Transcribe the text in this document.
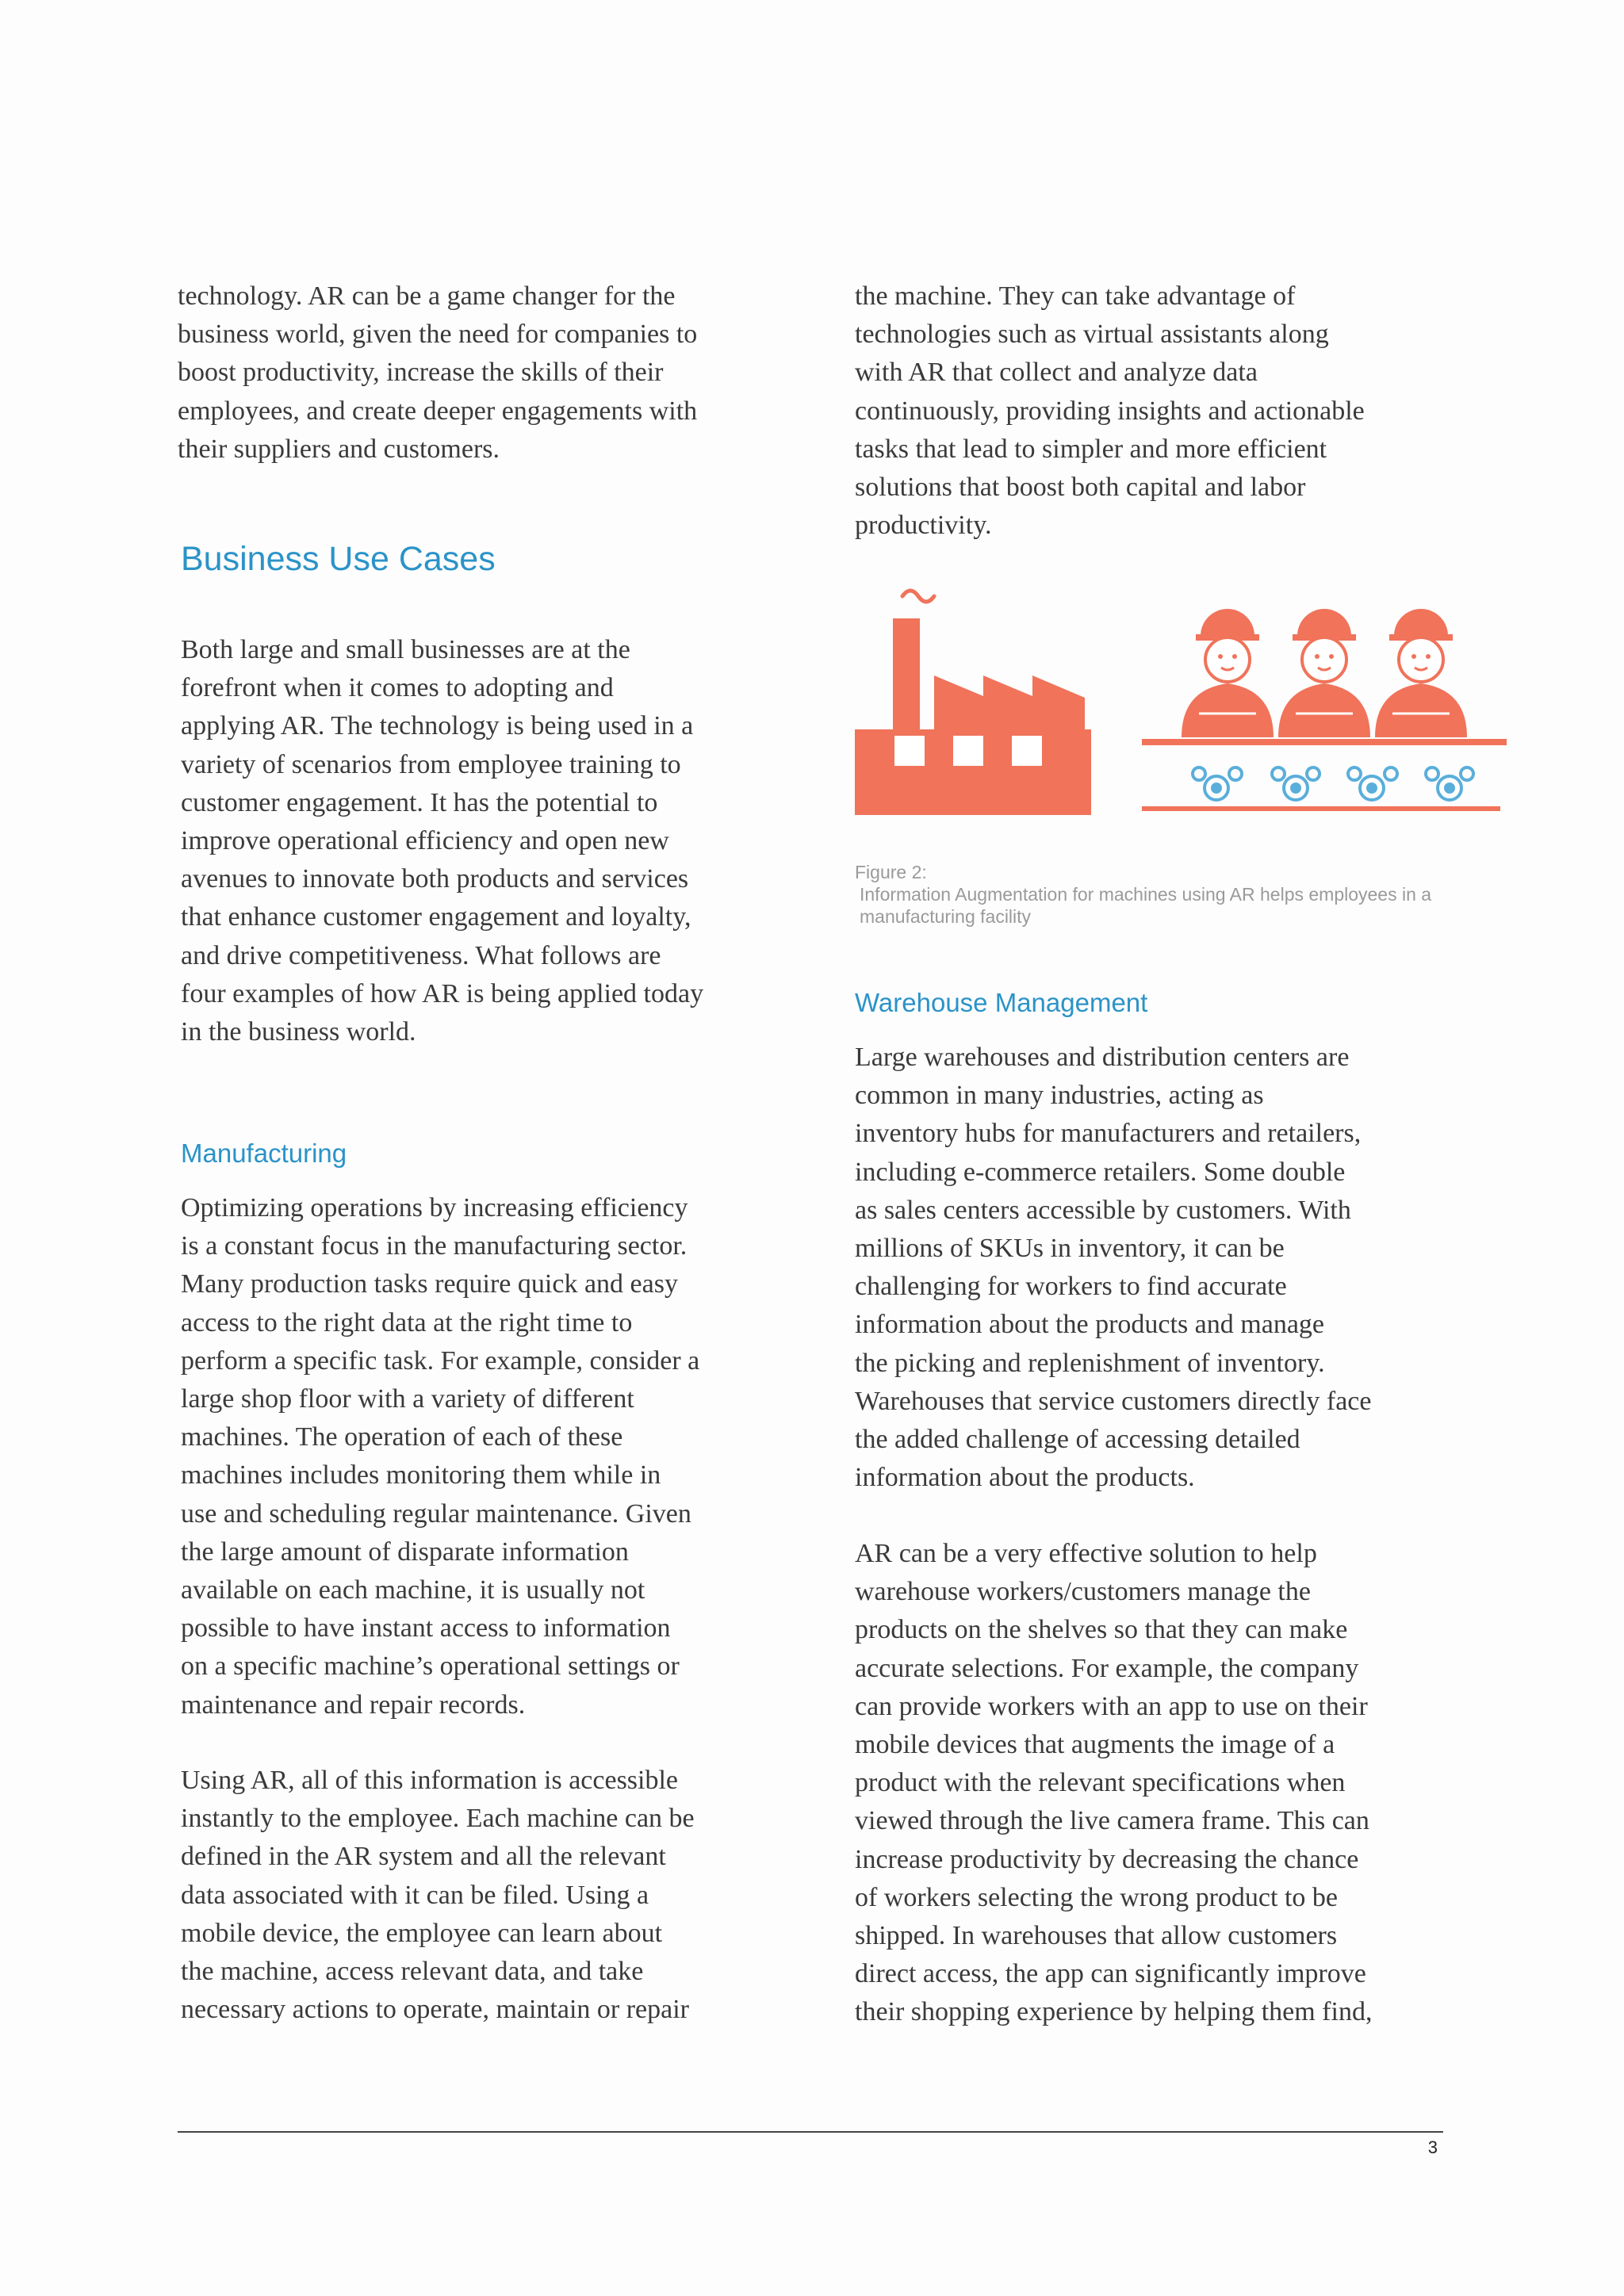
technology. AR can be a game changer for the
business world, given the need for companies to
boost productivity, increase the skills of their
employees, and create deeper engagements with
their suppliers and customers.

Business Use Cases

Both large and small businesses are at the
forefront when it comes to adopting and
applying AR. The technology is being used in a
variety of scenarios from employee training to
customer engagement. It has the potential to
improve operational efficiency and open new
avenues to innovate both products and services
that enhance customer engagement and loyalty,
and drive competitiveness. What follows are
four examples of how AR is being applied today
in the business world.

Manufacturing

Optimizing operations by increasing efficiency
is a constant focus in the manufacturing sector.
Many production tasks require quick and easy
access to the right data at the right time to
perform a specific task. For example, consider a
large shop floor with a variety of different
machines. The operation of each of these
machines includes monitoring them while in
use and scheduling regular maintenance. Given
the large amount of disparate information
available on each machine, it is usually not
possible to have instant access to information
on a specific machine’s operational settings or
maintenance and repair records.

Using AR, all of this information is accessible
instantly to the employee. Each machine can be
defined in the AR system and all the relevant
data associated with it can be filed. Using a
mobile device, the employee can learn about
the machine, access relevant data, and take
necessary actions to operate, maintain or repair

the machine. They can take advantage of
technologies such as virtual assistants along
with AR that collect and analyze data
continuously, providing insights and actionable
tasks that lead to simpler and more efficient
solutions that boost both capital and labor
productivity.

Figure 2:Information Augmentation for machines using AR helps employees in a manufacturing facility
Warehouse Management

Large warehouses and distribution centers are
common in many industries, acting as
inventory hubs for manufacturers and retailers,
including e-commerce retailers. Some double
as sales centers accessible by customers. With
millions of SKUs in inventory, it can be
challenging for workers to find accurate
information about the products and manage
the picking and replenishment of inventory.
Warehouses that service customers directly face
the added challenge of accessing detailed
information about the products.

AR can be a very effective solution to help
warehouse workers/customers manage the
products on the shelves so that they can make
accurate selections. For example, the company
can provide workers with an app to use on their
mobile devices that augments the image of a
product with the relevant specifications when
viewed through the live camera frame. This can
increase productivity by decreasing the chance
of workers selecting the wrong product to be
shipped. In warehouses that allow customers
direct access, the app can significantly improve
their shopping experience by helping them find,

3
